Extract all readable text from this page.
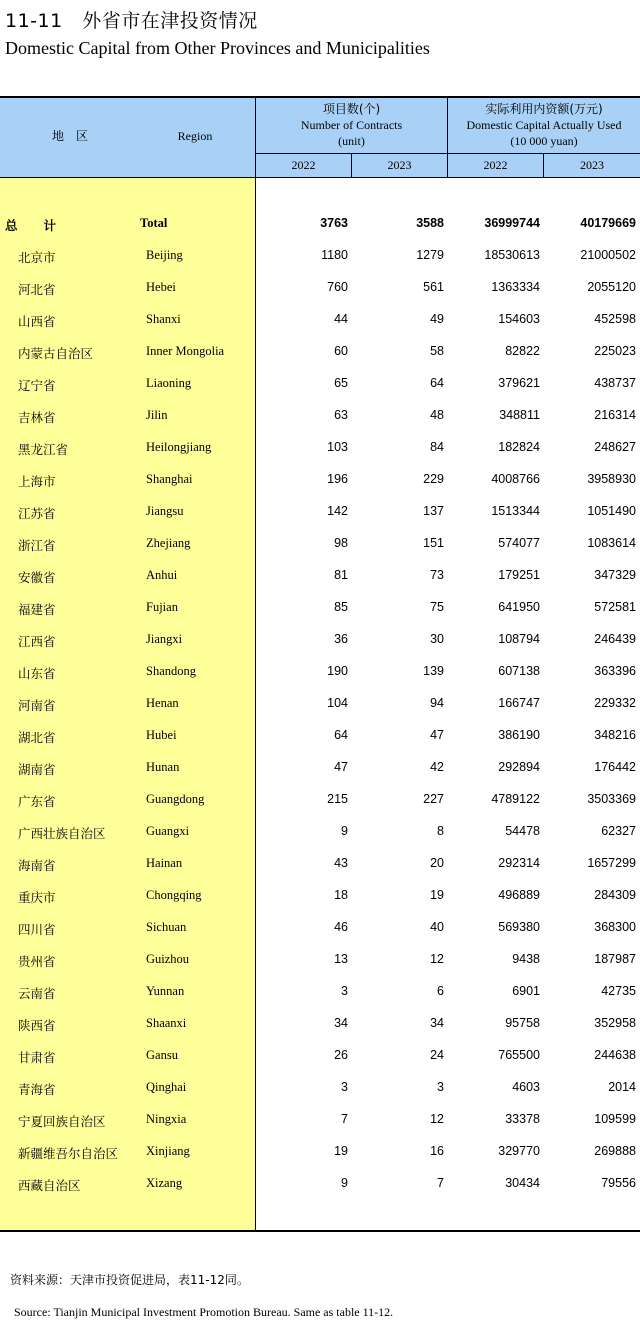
11-11　外省市在津投资情况
Domestic Capital from Other Provinces and Municipalities
地　区	Region
项目数(个)
Number of Contracts
(unit)
实际利用内资额(万元)
Domestic Capital Actually Used
(10 000 yuan)
2022	2023	2022	2023
总计	Total	3763	3588	36999744	40179669
北京市	Beijing	1180	1279	18530613	21000502
河北省	Hebei	760	561	1363334	2055120
山西省	Shanxi	44	49	154603	452598
内蒙古自治区	Inner Mongolia	60	58	82822	225023
辽宁省	Liaoning	65	64	379621	438737
吉林省	Jilin	63	48	348811	216314
黑龙江省	Heilongjiang	103	84	182824	248627
上海市	Shanghai	196	229	4008766	3958930
江苏省	Jiangsu	142	137	1513344	1051490
浙江省	Zhejiang	98	151	574077	1083614
安徽省	Anhui	81	73	179251	347329
福建省	Fujian	85	75	641950	572581
江西省	Jiangxi	36	30	108794	246439
山东省	Shandong	190	139	607138	363396
河南省	Henan	104	94	166747	229332
湖北省	Hubei	64	47	386190	348216
湖南省	Hunan	47	42	292894	176442
广东省	Guangdong	215	227	4789122	3503369
广西壮族自治区	Guangxi	9	8	54478	62327
海南省	Hainan	43	20	292314	1657299
重庆市	Chongqing	18	19	496889	284309
四川省	Sichuan	46	40	569380	368300
贵州省	Guizhou	13	12	9438	187987
云南省	Yunnan	3	6	6901	42735
陕西省	Shaanxi	34	34	95758	352958
甘肃省	Gansu	26	24	765500	244638
青海省	Qinghai	3	3	4603	2014
宁夏回族自治区	Ningxia	7	12	33378	109599
新疆维吾尔自治区 Xinjiang	19	16	329770	269888
西藏自治区	Xizang	9	7	30434	79556
资料来源：天津市投资促进局，表11-12同。
Source: Tianjin Municipal Investment Promotion Bureau. Same as table 11-12.
